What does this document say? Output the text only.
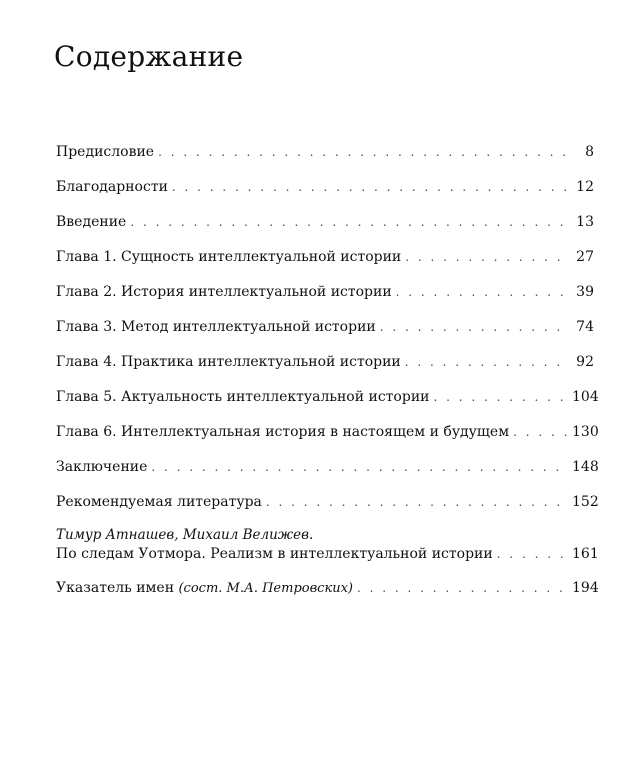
Содержание
Предисловие . . .	8
Благодарности . . .	12
Введение . . .	13
Глава 1. Сущность интеллектуальной истории . . .	27
Глава 2. История интеллектуальной истории . . .	39
Глава 3. Метод интеллектуальной истории . . .	74
Глава 4. Практика интеллектуальной истории . . .	92
Глава 5. Актуальность интеллектуальной истории . . .	104
Глава 6. Интеллектуальная история в настоящем и будущем . . .	130
Заключение . . .	148
Рекомендуемая литература . . .	152
Тимур Атнашев, Михаил Велижев.
По следам Уотмора. Реализм в интеллектуальной истории . . .	161
Указатель имен (сост. М.А. Петровских) . . .	194
